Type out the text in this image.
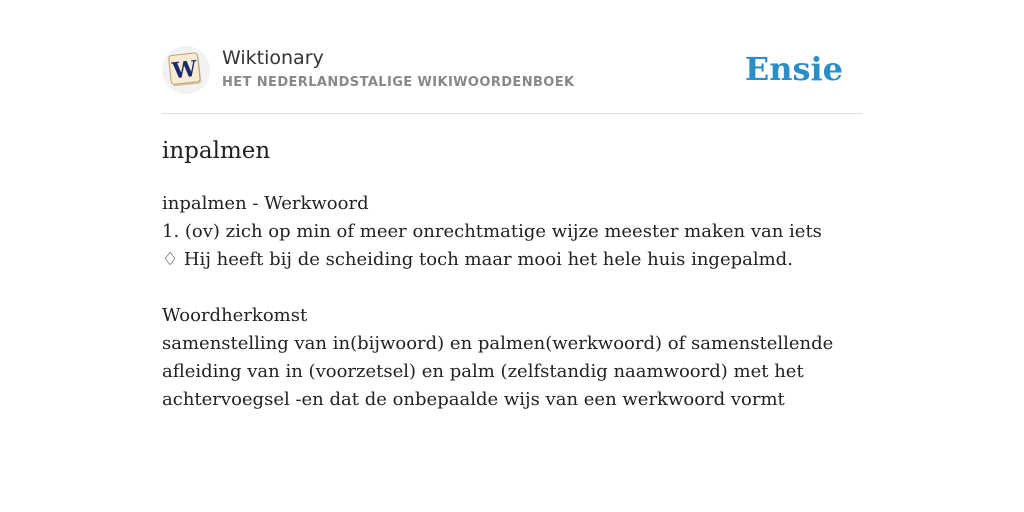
W Wiktionary
HET NEDERLANDSTALIGE WIKIWOORDENBOEK	Ensie
inpalmen
inpalmen - Werkwoord
1. (ov) zich op min of meer onrechtmatige wijze meester maken van iets
♢ Hij heeft bij de scheiding toch maar mooi het hele huis ingepalmd.
Woordherkomst
samenstelling van in(bijwoord) en palmen(werkwoord) of samenstellende
afleiding van in (voorzetsel) en palm (zelfstandig naamwoord) met het
achtervoegsel -en dat de onbepaalde wijs van een werkwoord vormt
